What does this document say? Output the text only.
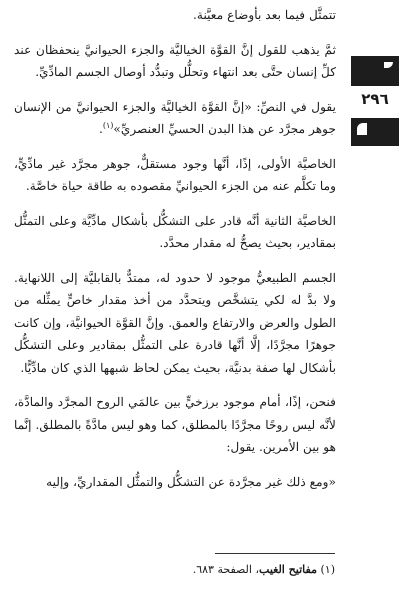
تتمثَّل فيما بعد بأوضاع معيَّنة.

ثمَّ يذهب للقول إنَّ القوَّة الخياليَّة والجزء الحيوانيَّ ينحفظان عند كلِّ إنسان حتَّى بعد انتهاء وتحلُّل وتبدُّد أوصال الجسم المادِّيِّ.

يقول في النصِّ: «إنَّ القوَّة الخياليَّة والجزء الحيوانيَّ من الإنسان جوهر مجرَّد عن هذا البدن الحسيِّ العنصريِّ»$^{(١)}$.

الخاصيَّة الأولى، إذًا، أنَّها وجود مستقلٌّ، جوهر مجرَّد غير مادِّيٍّ، وما تكلَّم عنه من الجزء الحيوانيِّ مقصوده به طاقة حياة خاصَّة.

الخاصيَّة الثانية أنَّه قادر على التشكُّل بأشكال مادِّيَّة وعلى التمثُّل بمقادير، بحيث يصحُّ له مقدار محدَّد.

الجسم الطبيعيُّ موجود لا حدود له، ممتدٌّ بالقابليَّة إلى اللانهاية. ولا بدَّ له لكي يتشخَّص ويتحدَّد من أخذ مقدار خاصٍّ يمثِّله من الطول والعرض والارتفاع والعمق. وإنَّ القوَّة الحيوانيَّة، وإن كانت جوهرًا مجرَّدًا، إلَّا أنَّها قادرة على التمثُّل بمقادير وعلى التشكُّل بأشكال لها صفة بدنيَّة، بحيث يمكن لحاظ شبهها الذي كان مادِّيًّا.

فنحن، إذًا، أمام موجود برزخيٍّ بين عالمَي الروح المجرَّد والمادَّة، لأنَّه ليس روحًا مجرَّدًا بالمطلق، كما وهو ليس مادَّةً بالمطلق. إنَّما هو بين الأمرين. يقول:

«ومع ذلك غير مجرَّدة عن التشكُّل والتمثُّل المقداريِّ، وإليه

٢٩٦
(١) مفاتيح الغيب، الصفحة ٦٨٣.
